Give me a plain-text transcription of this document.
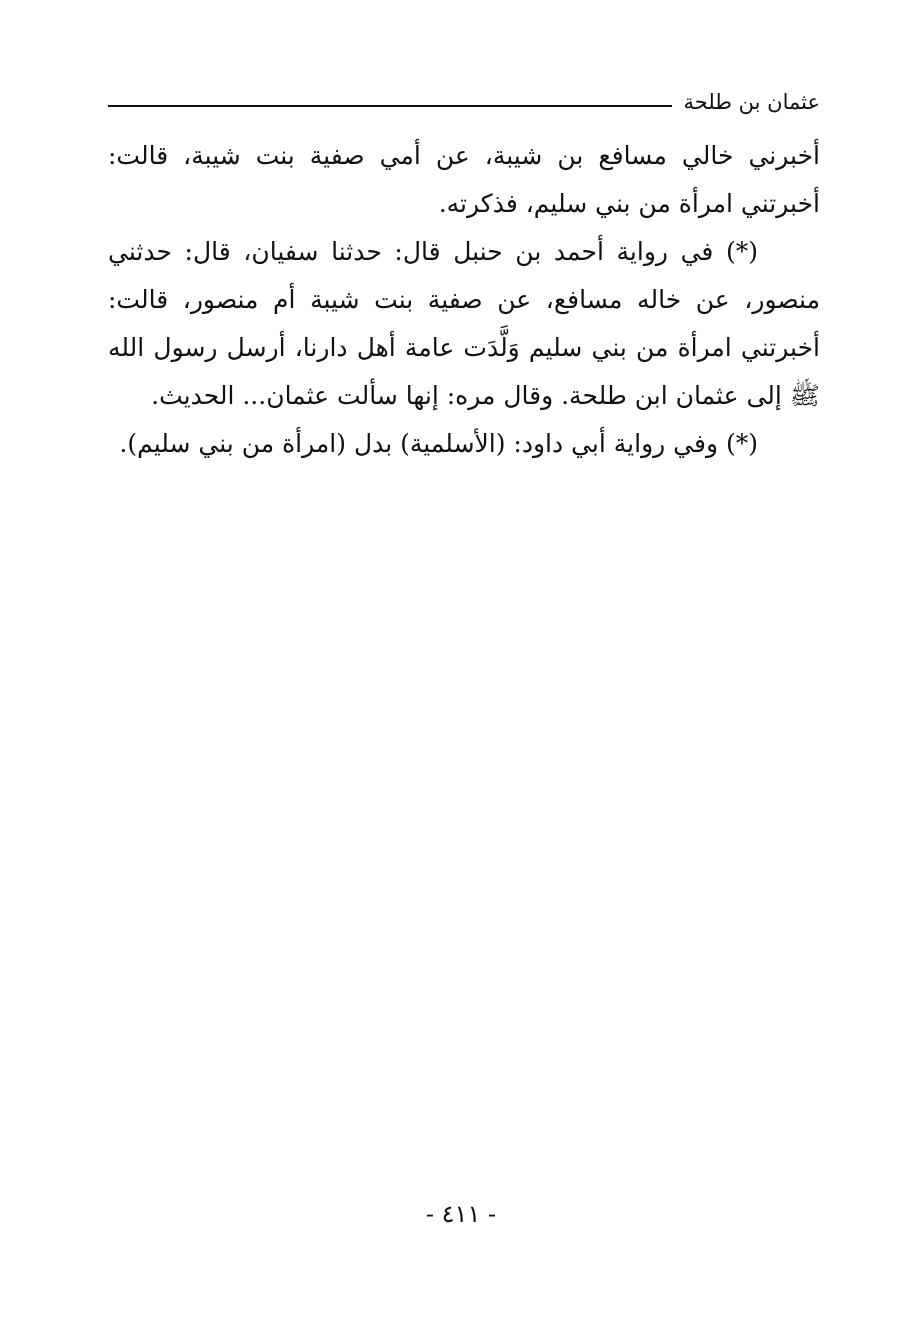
عثمان بن طلحة

أخبرني خالي مسافع بن شيبة، عن أمي صفية بنت شيبة، قالت: أخبرتني امرأة من بني سليم، فذكرته.

(*) في رواية أحمد بن حنبل قال: حدثنا سفيان، قال: حدثني منصور، عن خاله مسافع، عن صفية بنت شيبة أم منصور، قالت: أخبرتني امرأة من بني سليم وَلَّدَت عامة أهل دارنا، أرسل رسول الله ﷺ إلى عثمان ابن طلحة. وقال مره: إنها سألت عثمان... الحديث.

(*) وفي رواية أبي داود: (الأسلمية) بدل (امرأة من بني سليم).

- ٤١١ -
